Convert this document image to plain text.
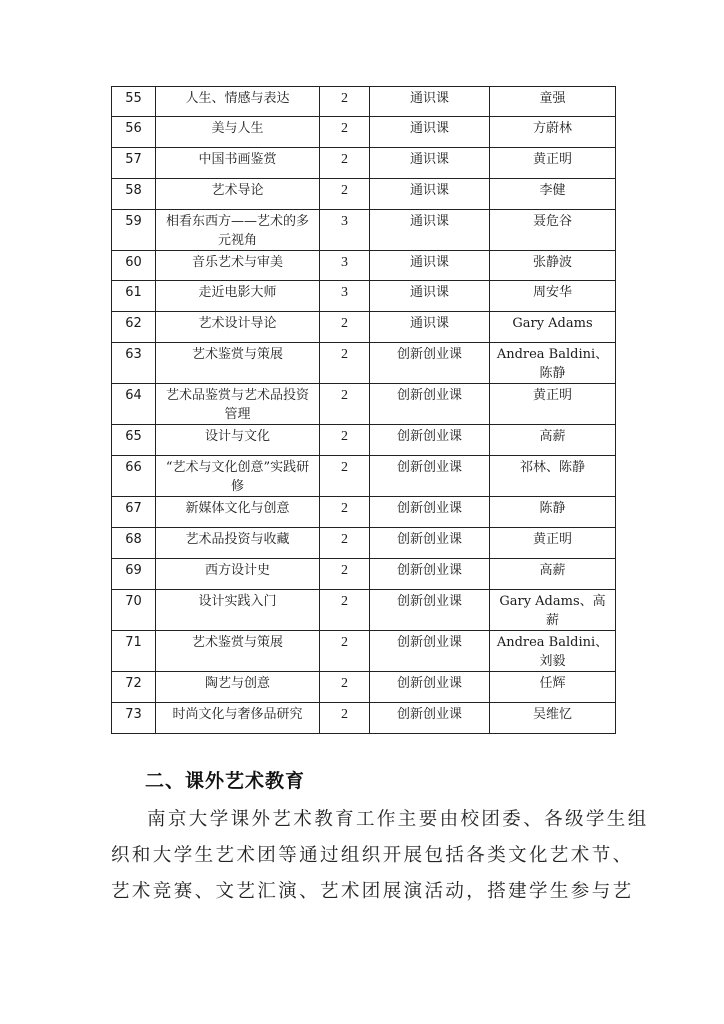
55	人生、情感与表达	2	通识课	童强

56	美与人生	2	通识课	方蔚林

57	中国书画鉴赏	2	通识课	黄正明

58	艺术导论	2	通识课	李健

59	相看东西方——艺术的多元视角	3	通识课	聂危谷

60	音乐艺术与审美	3	通识课	张静波

61	走近电影大师	3	通识课	周安华

62	艺术设计导论	2	通识课	Gary Adams

63	艺术鉴赏与策展	2	创新创业课	Andrea Baldini、陈静

64	艺术品鉴赏与艺术品投资管理	2	创新创业课	黄正明

65	设计与文化	2	创新创业课	高薪

66	“艺术与文化创意”实践研修	2	创新创业课	祁林、陈静

67	新媒体文化与创意	2	创新创业课	陈静

68	艺术品投资与收藏	2	创新创业课	黄正明

69	西方设计史	2	创新创业课	高薪

70	设计实践入门	2	创新创业课	Gary Adams、高薪

71	艺术鉴赏与策展	2	创新创业课	Andrea Baldini、刘毅

72	陶艺与创意	2	创新创业课	任辉

73	时尚文化与奢侈品研究	2	创新创业课	吴维忆
二、课外艺术教育
南京大学课外艺术教育工作主要由校团委、各级学生组
织和大学生艺术团等通过组织开展包括各类文化艺术节、
艺术竞赛、文艺汇演、艺术团展演活动，搭建学生参与艺
